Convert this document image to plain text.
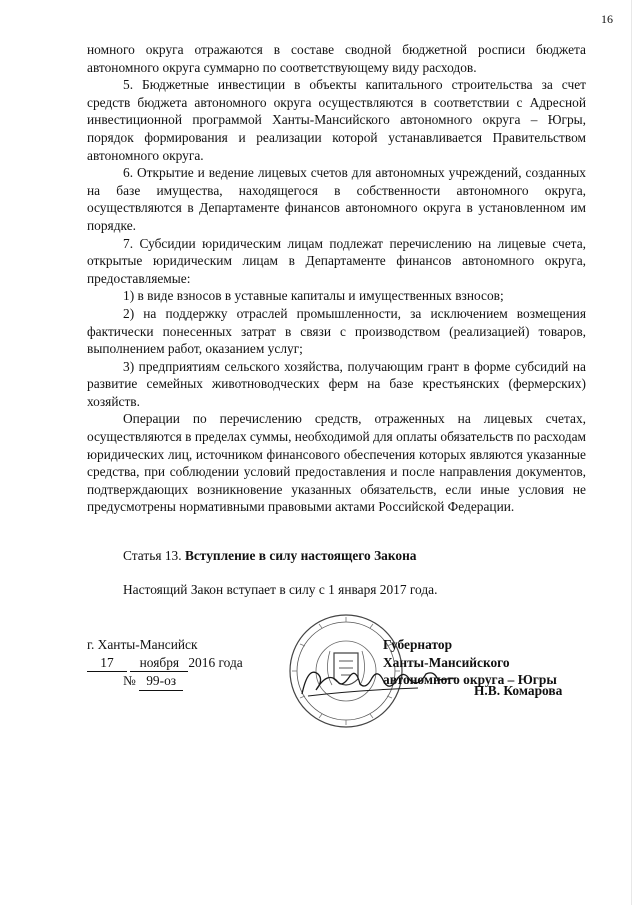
16

номного округа отражаются в составе сводной бюджетной росписи бюджета автономного округа суммарно по соответствующему виду расходов.

5. Бюджетные инвестиции в объекты капитального строительства за счет средств бюджета автономного округа осуществляются в соответствии с Адресной инвестиционной программой Ханты-Мансийского автономного округа – Югры, порядок формирования и реализации которой устанавливается Правительством автономного округа.

6. Открытие и ведение лицевых счетов для автономных учреждений, созданных на базе имущества, находящегося в собственности автономного округа, осуществляются в Департаменте финансов автономного округа в установленном им порядке.

7. Субсидии юридическим лицам подлежат перечислению на лицевые счета, открытые юридическим лицам в Департаменте финансов автономного округа, предоставляемые:

1) в виде взносов в уставные капиталы и имущественных взносов;

2) на поддержку отраслей промышленности, за исключением возмещения фактически понесенных затрат в связи с производством (реализацией) товаров, выполнением работ, оказанием услуг;

3) предприятиям сельского хозяйства, получающим грант в форме субсидий на развитие семейных животноводческих ферм на базе крестьянских (фермерских) хозяйств.

Операции по перечислению средств, отраженных на лицевых счетах, осуществляются в пределах суммы, необходимой для оплаты обязательств по расходам юридических лиц, источником финансового обеспечения которых являются указанные средства, при соблюдении условий предоставления и после направления документов, подтверждающих возникновение указанных обязательств, если иные условия не предусмотрены нормативными правовыми актами Российской Федерации.

Статья 13. Вступление в силу настоящего Закона
Настоящий Закон вступает в силу с 1 января 2017 года.
г. Ханты-Мансийск
17 ноября 2016 года
№ 99-оз
Губернатор
Ханты-Мансийского
автономного округа – Югры
Н.В. Комарова
